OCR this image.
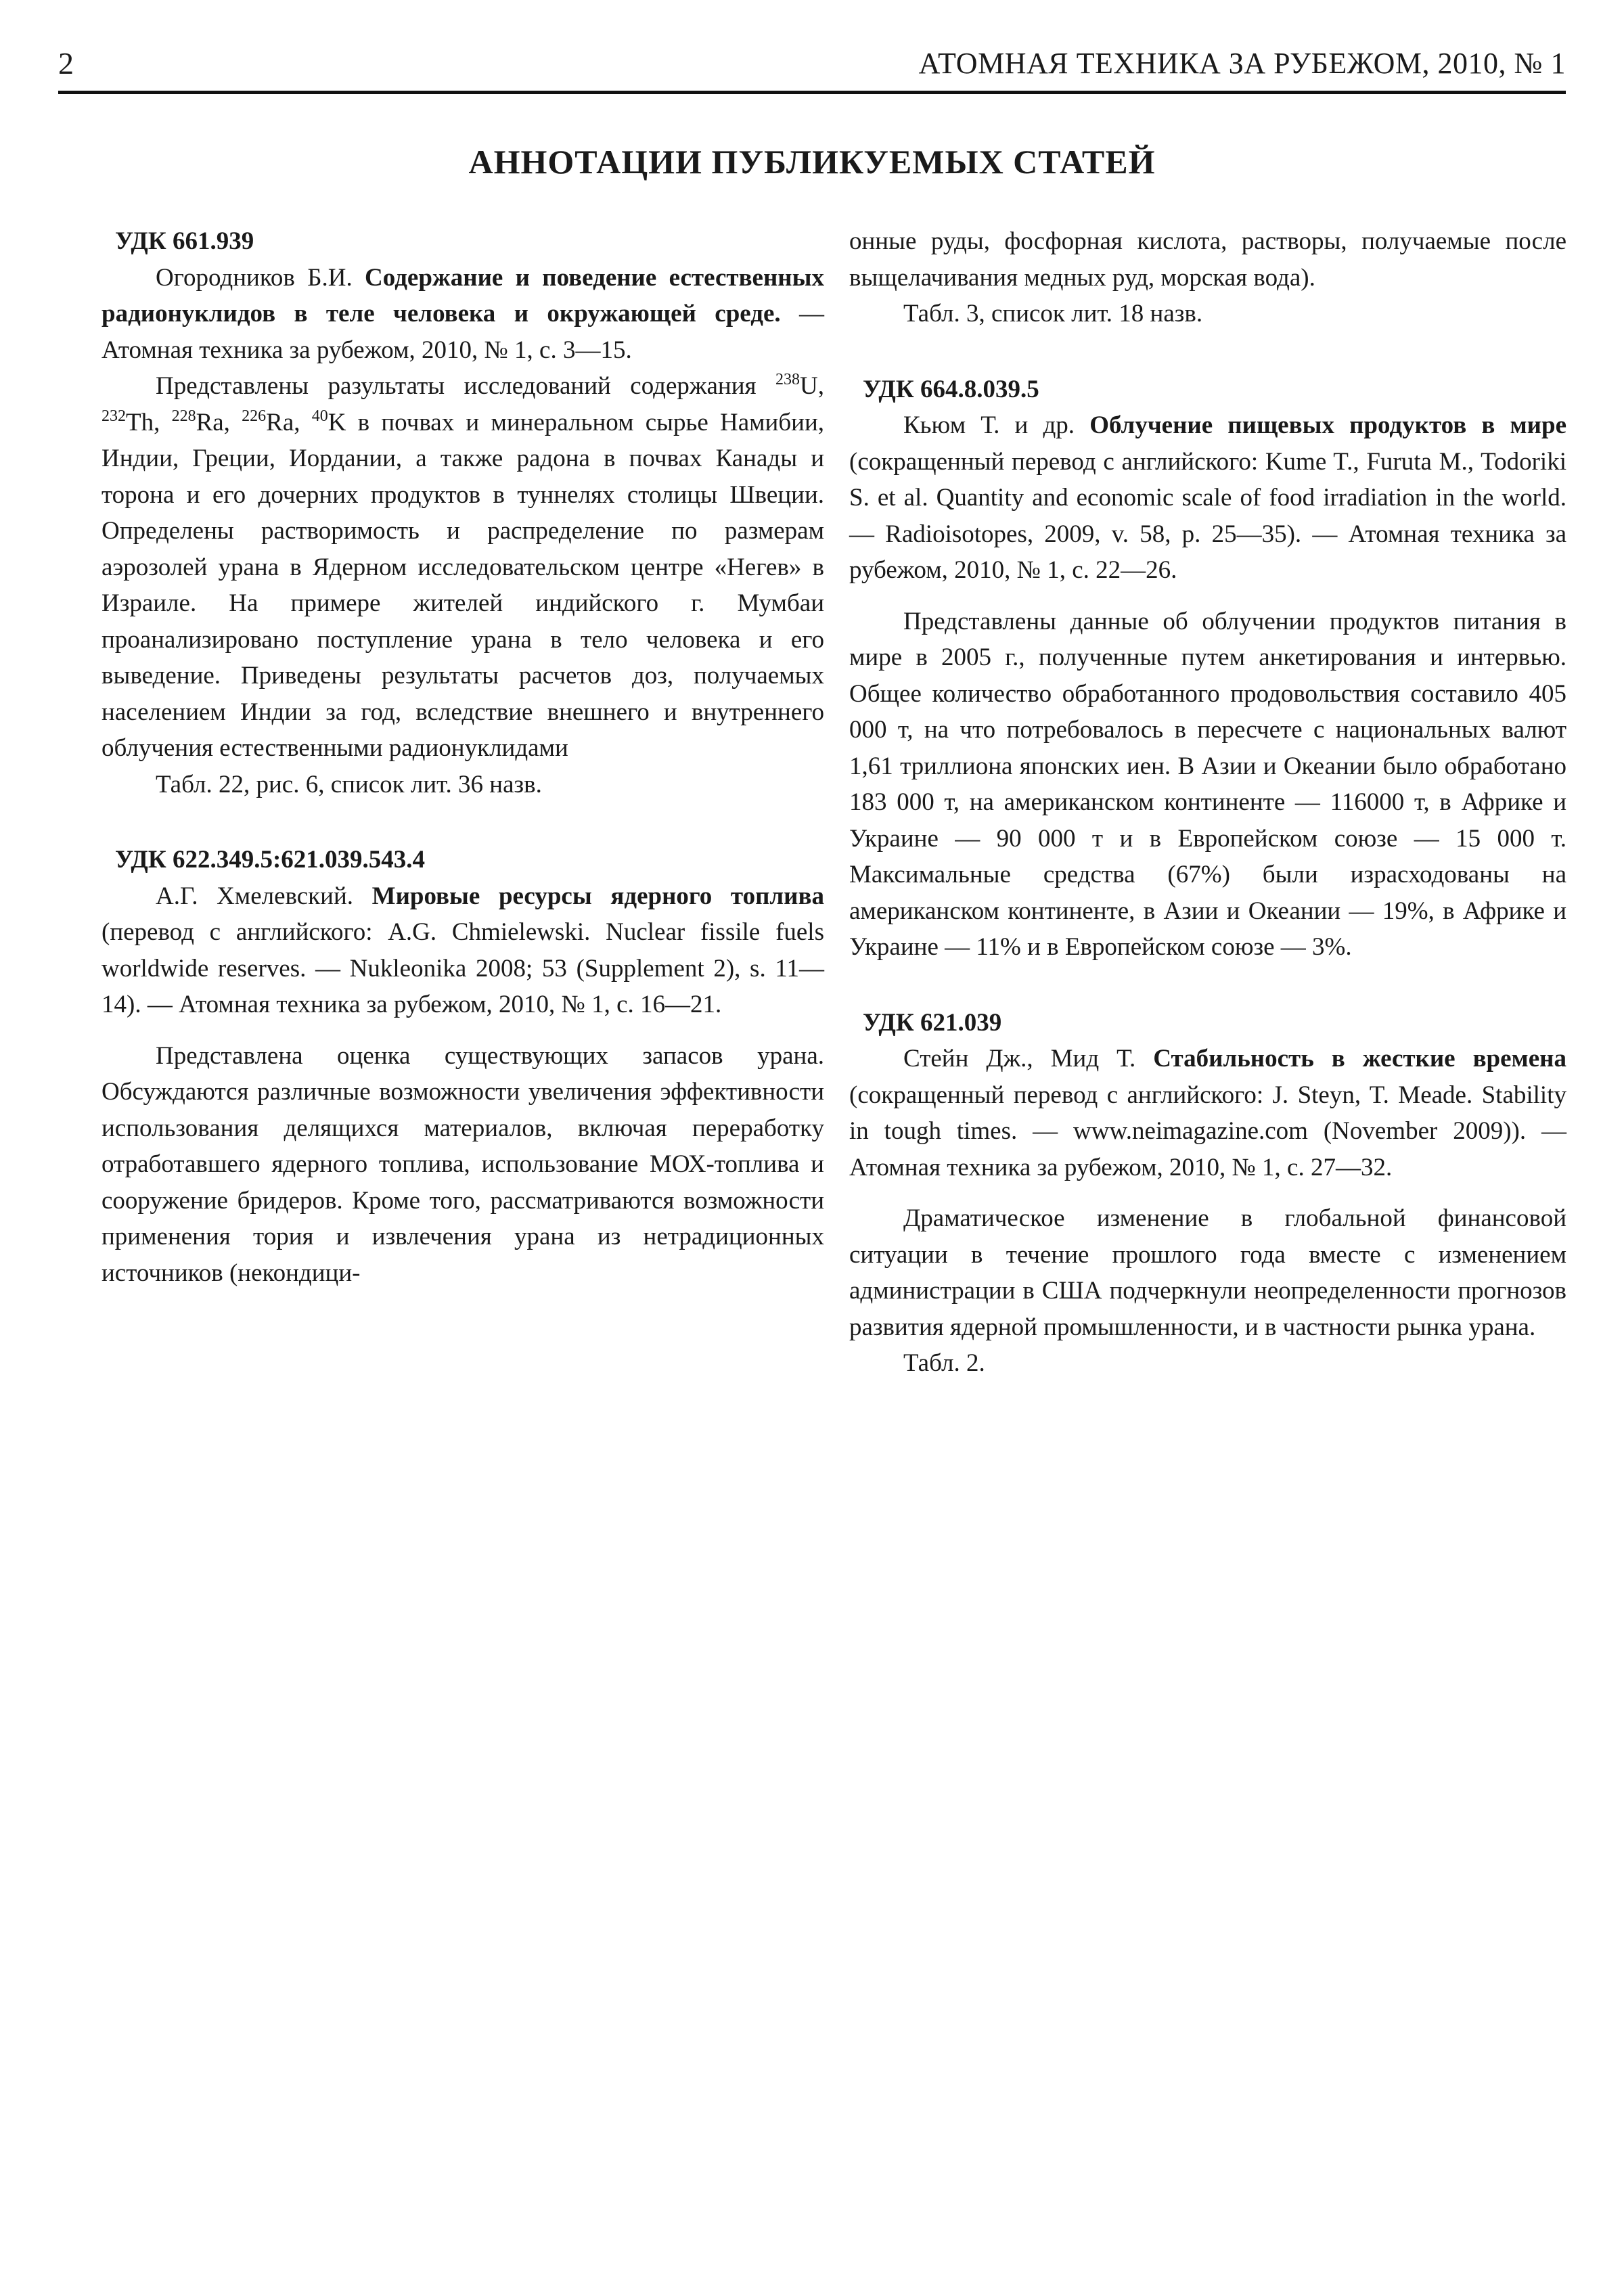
2	АТОМНАЯ ТЕХНИКА ЗА РУБЕЖОМ, 2010, № 1
АННОТАЦИИ ПУБЛИКУЕМЫХ СТАТЕЙ
УДК 661.939
Огородников Б.И. Содержание и поведение естественных радионуклидов в теле человека и окружающей среде. — Атомная техника за рубежом, 2010, № 1, с. 3—15.

Представлены разультаты исследований содержания $^{238}$U, $^{232}$Th, $^{228}$Ra, $^{226}$Ra, $^{40}$K в почвах и минеральном сырье Намибии, Индии, Греции, Иордании, а также радона в почвах Канады и торона и его дочерних продуктов в туннелях столицы Швеции. Определены растворимость и распределение по размерам аэрозолей урана в Ядерном исследовательском центре «Негев» в Израиле. На примере жителей индийского г. Мумбаи проанализировано поступление урана в тело человека и его выведение. Приведены результаты расчетов доз, получаемых населением Индии за год, вследствие внешнего и внутреннего облучения естественными радионуклидами

Табл. 22, рис. 6, список лит. 36 назв.

УДК 622.349.5:621.039.543.4
А.Г. Хмелевский. Мировые ресурсы ядерного топлива (перевод с английского: A.G. Chmielewski. Nuclear fissile fuels worldwide reserves. — Nukleonika 2008; 53 (Supplement 2), s. 11—14). — Атомная техника за рубежом, 2010, № 1, с. 16—21.

Представлена оценка существующих запасов урана. Обсуждаются различные возможности увеличения эффективности использования делящихся материалов, включая переработку отработавшего ядерного топлива, использование МОХ-топлива и сооружение бридеров. Кроме того, рассматриваются возможности применения тория и извлечения урана из нетрадиционных источников (некондици-

онные руды, фосфорная кислота, растворы, получаемые после выщелачивания медных руд, морская вода).

Табл. 3, список лит. 18 назв.

УДК 664.8.039.5
Кьюм Т. и др. Облучение пищевых продуктов в мире (сокращенный перевод с английского: Kume T., Furuta M., Todoriki S. et al. Quantity and economic scale of food irradiation in the world. — Radioisotopes, 2009, v. 58, p. 25—35). — Атомная техника за рубежом, 2010, № 1, с. 22—26.

Представлены данные об облучении продуктов питания в мире в 2005 г., полученные путем анкетирования и интервью. Общее количество обработанного продовольствия составило 405 000 т, на что потребовалось в пересчете с национальных валют 1,61 триллиона японских иен. В Азии и Океании было обработано 183 000 т, на американском континенте — 116000 т, в Африке и Украине — 90 000 т и в Европейском союзе — 15 000 т. Максимальные средства (67%) были израсходованы на американском континенте, в Азии и Океании — 19%, в Африке и Украине — 11% и в Европейском союзе — 3%.

УДК 621.039
Стейн Дж., Мид Т. Стабильность в жесткие времена (сокращенный перевод с английского: J. Steyn, T. Meade. Stability in tough times. — www.neimagazine.com (November 2009)). — Атомная техника за рубежом, 2010, № 1, с. 27—32.

Драматическое изменение в глобальной финансовой ситуации в течение прошлого года вместе с изменением администрации в США подчеркнули неопределенности прогнозов развития ядерной промышленности, и в частности рынка урана.

Табл. 2.
